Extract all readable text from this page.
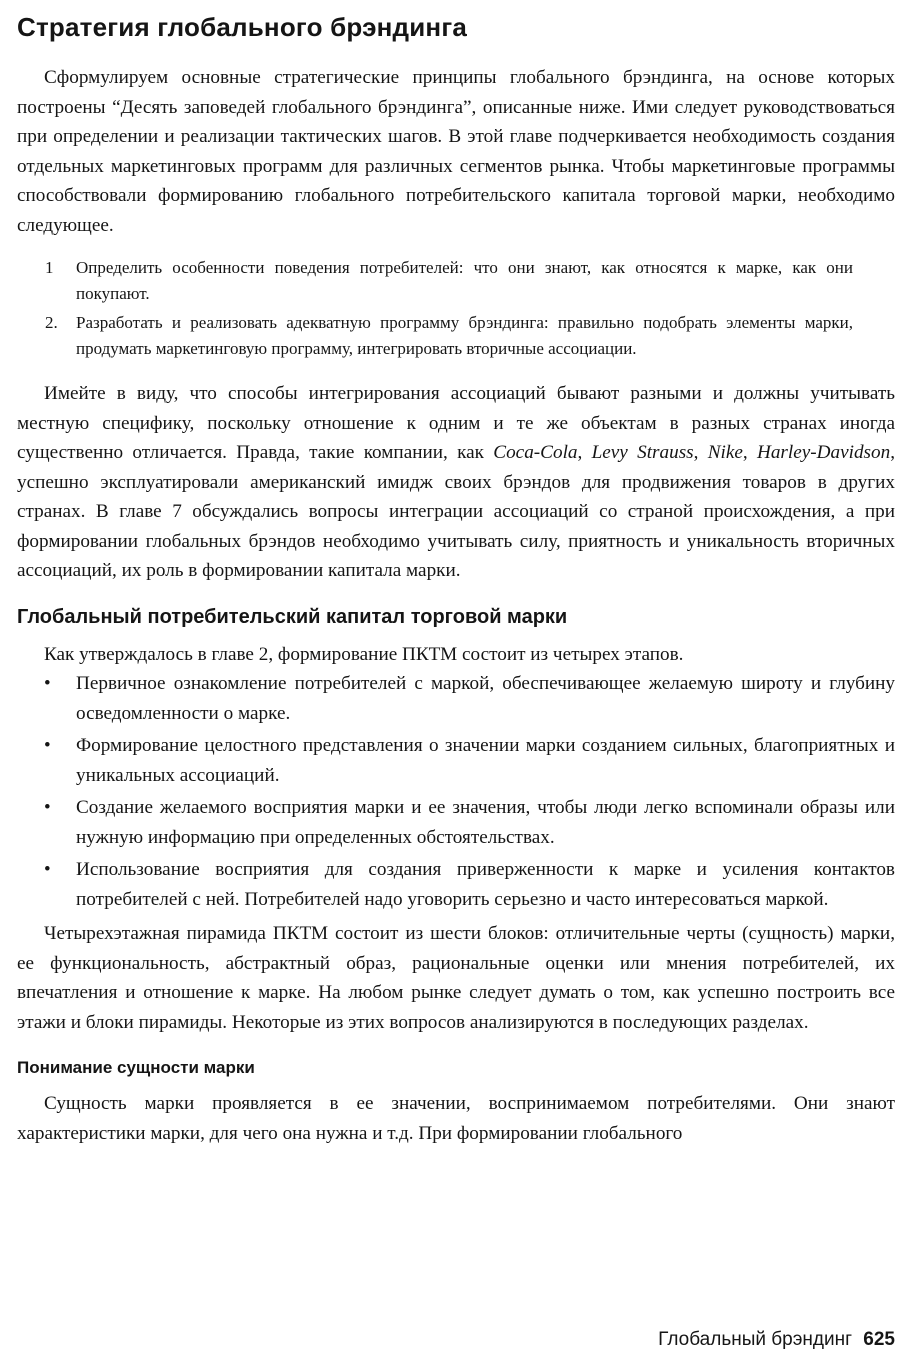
Стратегия глобального брэндинга

Сформулируем основные стратегические принципы глобального брэндинга, на основе которых построены “Десять заповедей глобального брэндинга”, описанные ниже. Ими следует руководствоваться при определении и реализации тактических шагов. В этой главе подчеркивается необходимость создания отдельных маркетинговых программ для различных сегментов рынка. Чтобы маркетинговые программы способствовали формированию глобального потребительского капитала торговой марки, необходимо следующее.

1 Определить особенности поведения потребителей: что они знают, как относятся к марке, как они покупают.
2. Разработать и реализовать адекватную программу брэндинга: правильно подобрать элементы марки, продумать маркетинговую программу, интегрировать вторичные ассоциации.

Имейте в виду, что способы интегрирования ассоциаций бывают разными и должны учитывать местную специфику, поскольку отношение к одним и те же объектам в разных странах иногда существенно отличается. Правда, такие компании, как Coca-Cola, Levy Strauss, Nike, Harley-Davidson, успешно эксплуатировали американский имидж своих брэндов для продвижения товаров в других странах. В главе 7 обсуждались вопросы интеграции ассоциаций со страной происхождения, а при формировании глобальных брэндов необходимо учитывать силу, приятность и уникальность вторичных ассоциаций, их роль в формировании капитала марки.

Глобальный потребительский капитал торговой марки

Как утверждалось в главе 2, формирование ПКТМ состоит из четырех этапов.

• Первичное ознакомление потребителей с маркой, обеспечивающее желаемую широту и глубину осведомленности о марке.
• Формирование целостного представления о значении марки созданием сильных, благоприятных и уникальных ассоциаций.
• Создание желаемого восприятия марки и ее значения, чтобы люди легко вспоминали образы или нужную информацию при определенных обстоятельствах.
• Использование восприятия для создания приверженности к марке и усиления контактов потребителей с ней. Потребителей надо уговорить серьезно и часто интересоваться маркой.

Четырехэтажная пирамида ПКТМ состоит из шести блоков: отличительные черты (сущность) марки, ее функциональность, абстрактный образ, рациональные оценки или мнения потребителей, их впечатления и отношение к марке. На любом рынке следует думать о том, как успешно построить все этажи и блоки пирамиды. Некоторые из этих вопросов анализируются в последующих разделах.

Понимание сущности марки

Сущность марки проявляется в ее значении, воспринимаемом потребителями. Они знают характеристики марки, для чего она нужна и т.д. При формировании глобального

Глобальный брэндинг 625
